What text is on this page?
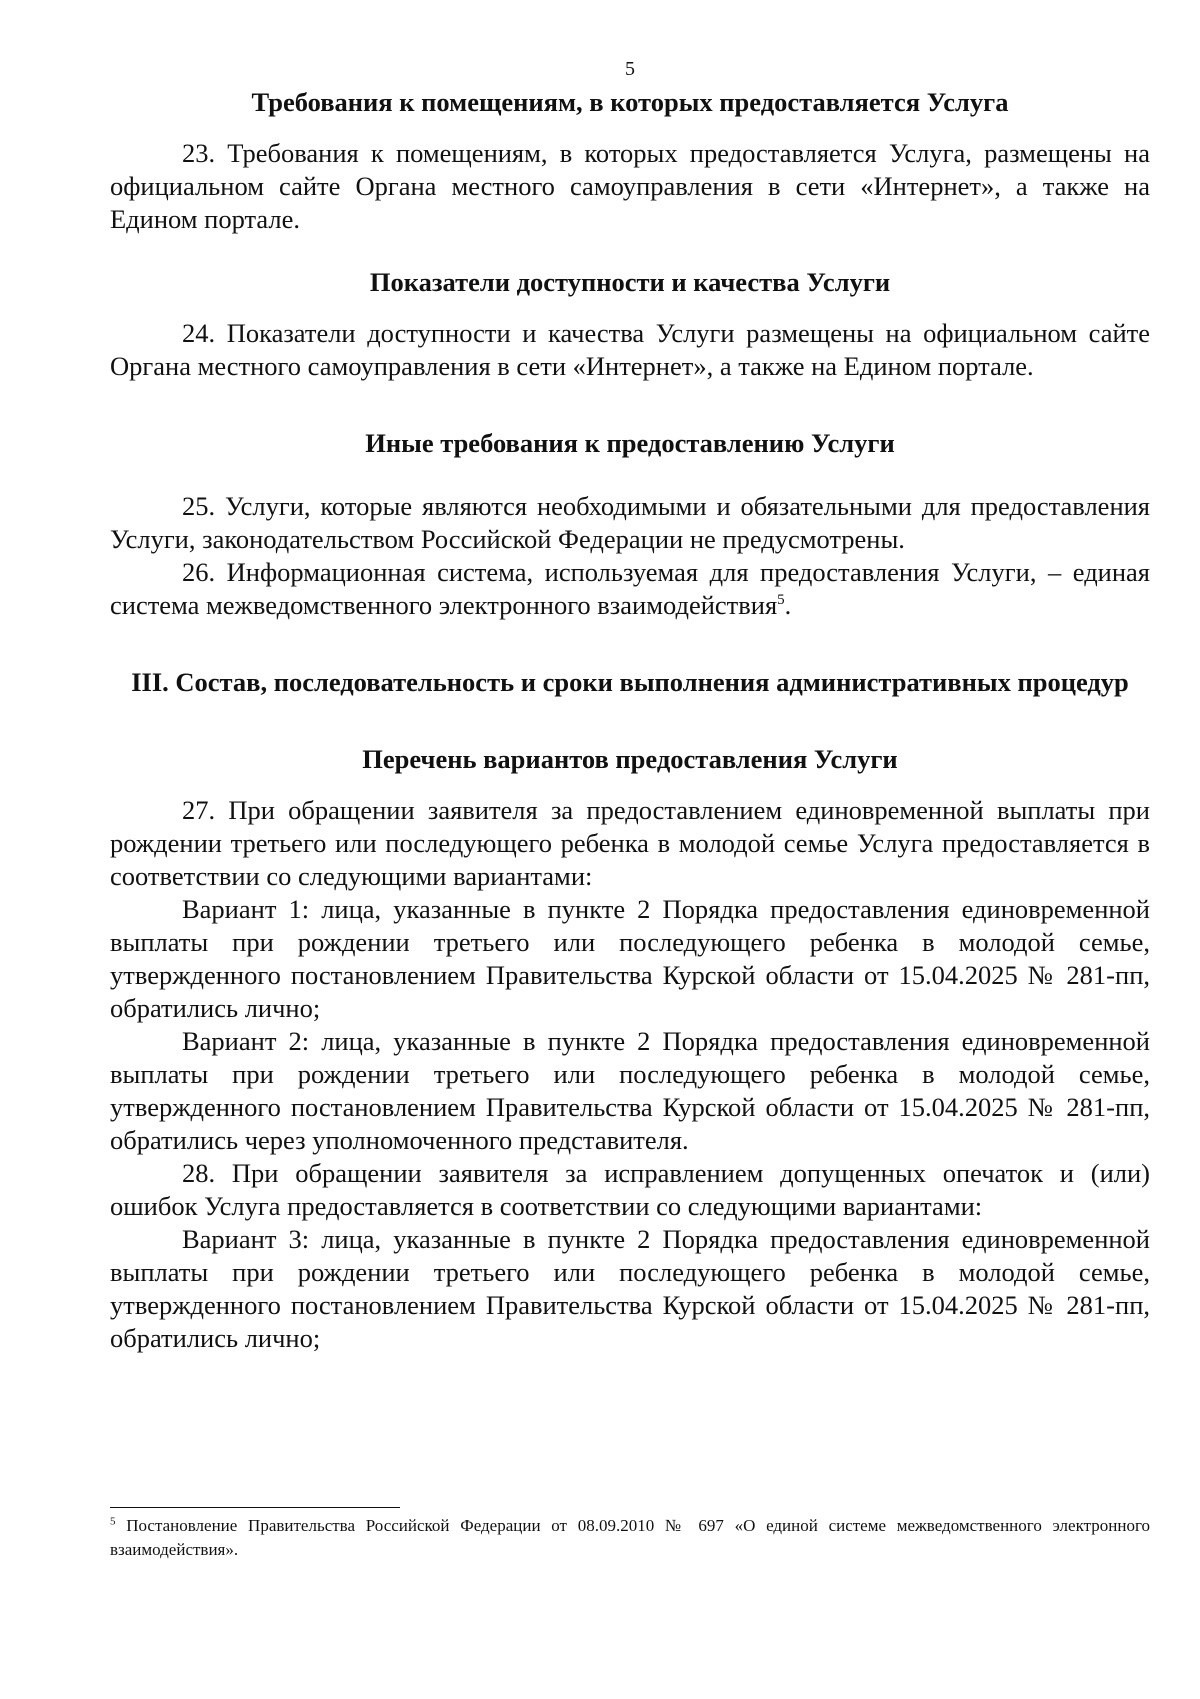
5
Требования к помещениям, в которых предоставляется Услуга

23. Требования к помещениям, в которых предоставляется Услуга, размещены на официальном сайте Органа местного самоуправления в сети «Интернет», а также на Едином портале.

Показатели доступности и качества Услуги

24. Показатели доступности и качества Услуги размещены на официальном сайте Органа местного самоуправления в сети «Интернет», а также на Едином портале.

Иные требования к предоставлению Услуги

25. Услуги, которые являются необходимыми и обязательными для предоставления Услуги, законодательством Российской Федерации не предусмотрены.

26. Информационная система, используемая для предоставления Услуги, – единая система межведомственного электронного взаимодействия$^5$.

III. Состав, последовательность и сроки выполнения административных процедур
Перечень вариантов предоставления Услуги

27. При обращении заявителя за предоставлением единовременной выплаты при рождении третьего или последующего ребенка в молодой семье Услуга предоставляется в соответствии со следующими вариантами:

Вариант 1: лица, указанные в пункте 2 Порядка предоставления единовременной выплаты при рождении третьего или последующего ребенка в молодой семье, утвержденного постановлением Правительства Курской области от 15.04.2025 № 281-пп, обратились лично;

Вариант 2: лица, указанные в пункте 2 Порядка предоставления единовременной выплаты при рождении третьего или последующего ребенка в молодой семье, утвержденного постановлением Правительства Курской области от 15.04.2025 № 281-пп, обратились через уполномоченного представителя.

28. При обращении заявителя за исправлением допущенных опечаток и (или) ошибок Услуга предоставляется в соответствии со следующими вариантами:

Вариант 3: лица, указанные в пункте 2 Порядка предоставления единовременной выплаты при рождении третьего или последующего ребенка в молодой семье, утвержденного постановлением Правительства Курской области от 15.04.2025 № 281-пп, обратились лично;

$^5$ Постановление Правительства Российской Федерации от 08.09.2010 № 697 «О единой системе межведомственного электронного взаимодействия».
